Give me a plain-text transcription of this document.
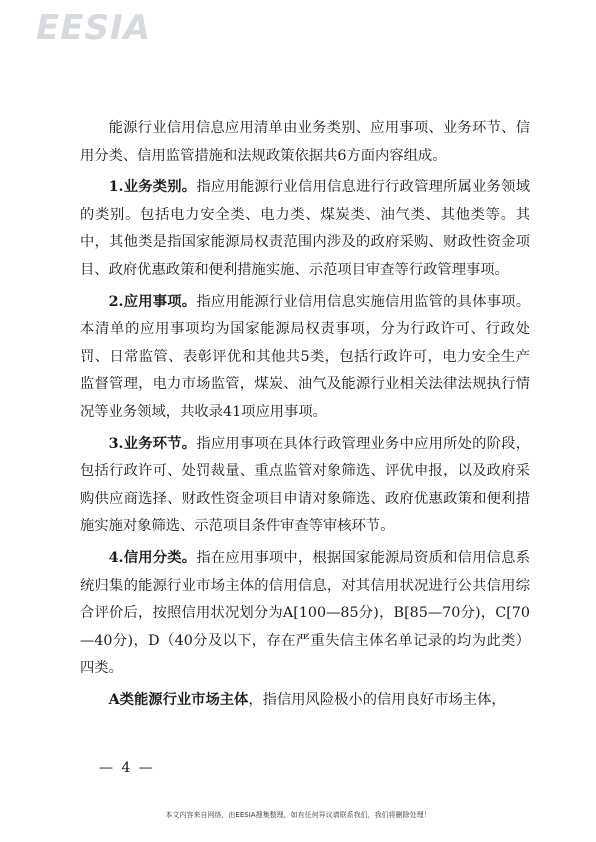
EESIA

能源行业信用信息应用清单由业务类别、应用事项、业务环节、信用分类、信用监管措施和法规政策依据共6方面内容组成。

1.业务类别。指应用能源行业信用信息进行行政管理所属业务领域的类别。包括电力安全类、电力类、煤炭类、油气类、其他类等。其中，其他类是指国家能源局权责范围内涉及的政府采购、财政性资金项目、政府优惠政策和便利措施实施、示范项目审查等行政管理事项。

2.应用事项。指应用能源行业信用信息实施信用监管的具体事项。本清单的应用事项均为国家能源局权责事项，分为行政许可、行政处罚、日常监管、表彰评优和其他共5类，包括行政许可，电力安全生产监督管理，电力市场监管，煤炭、油气及能源行业相关法律法规执行情况等业务领域，共收录41项应用事项。

3.业务环节。指应用事项在具体行政管理业务中应用所处的阶段，包括行政许可、处罚裁量、重点监管对象筛选、评优申报，以及政府采购供应商选择、财政性资金项目申请对象筛选、政府优惠政策和便利措施实施对象筛选、示范项目条件审查等审核环节。

4.信用分类。指在应用事项中，根据国家能源局资质和信用信息系统归集的能源行业市场主体的信用信息，对其信用状况进行公共信用综合评价后，按照信用状况划分为A[100—85分)，B[85—70分)，C[70—40分)，D（40分及以下，存在严重失信主体名单记录的均为此类）四类。

A类能源行业市场主体，指信用风险极小的信用良好市场主体，

— 4 —
本文内容来自网络，由EESIA搜集整理，如有任何异议请联系我们，我们将删除处理！
